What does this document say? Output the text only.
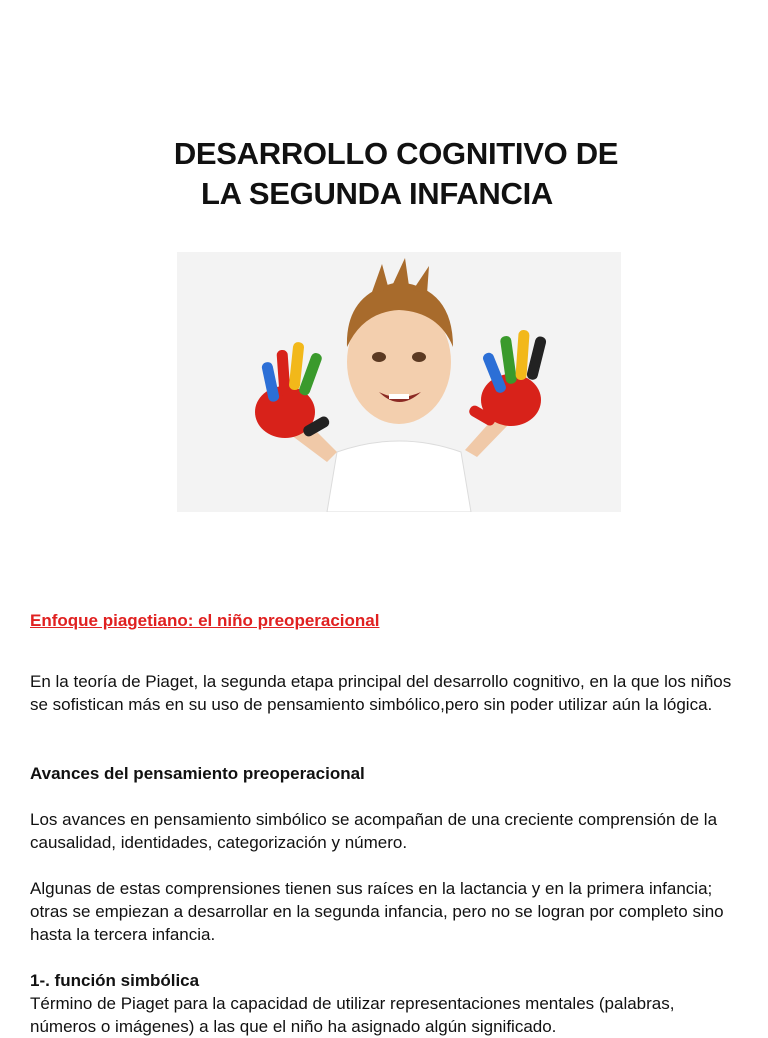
DESARROLLO COGNITIVO DE
LA SEGUNDA INFANCIA
Enfoque piagetiano: el niño preoperacional
En la teoría de Piaget, la segunda etapa principal del desarrollo cognitivo, en la que los niños se sofistican más en su uso de pensamiento simbólico,pero sin poder utilizar aún la lógica.
Avances del pensamiento preoperacional
Los avances en pensamiento simbólico se acompañan de una creciente comprensión de la causalidad, identidades, categorización y número.
Algunas de estas comprensiones tienen sus raíces en la lactancia y en la primera infancia; otras se empiezan a desarrollar en la segunda infancia, pero no se logran por completo sino hasta la tercera infancia.
1-. función simbólica
Término de Piaget para la capacidad de utilizar representaciones mentales (palabras, números o imágenes) a las que el niño ha asignado algún significado.
